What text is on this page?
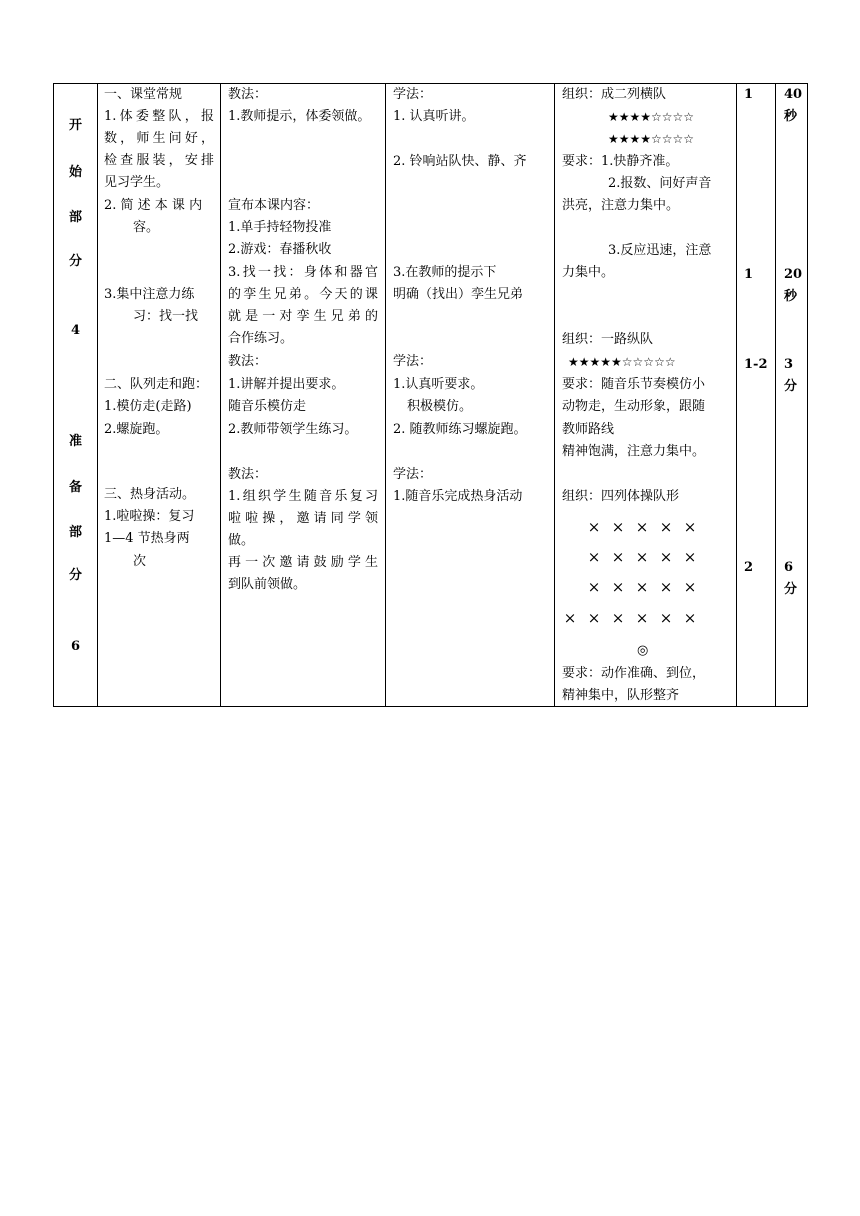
开
始
部
分
4
准
备
部
分
6
一、课堂常规
1.体委整队，报
数，师生问好，
检查服装，安排
见习学生。
2. 简 述 本 课 内
容。
3.集中注意力练
习：找一找
二、队列走和跑：
1.模仿走(走路)
2.螺旋跑。
三、热身活动。
1.啦啦操：复习
1—4 节热身两
次
教法：
1.教师提示，体委领做。
宣布本课内容：
1.单手持轻物投准
2.游戏：春播秋收
3.找一找：身体和器官
的孪生兄弟。今天的课
就是一对孪生兄弟的
合作练习。
教法：
1.讲解并提出要求。
随音乐模仿走
2.教师带领学生练习。
教法：
1.组织学生随音乐复习
啦啦操，邀请同学领
做。
再一次邀请鼓励学生
到队前领做。
学法：
1. 认真听讲。
2. 铃响站队快、静、齐
3.在教师的提示下
明确（找出）孪生兄弟
学法：
1.认真听要求。
积极模仿。
2. 随教师练习螺旋跑。
学法：
1.随音乐完成热身活动
组织：成二列横队
★★★★☆☆☆☆
★★★★☆☆☆☆
要求：1.快静齐准。
2.报数、问好声音
洪亮，注意力集中。
3.反应迅速，注意
力集中。
组织：一路纵队
★★★★★☆☆☆☆☆
要求：随音乐节奏模仿小
动物走，生动形象，跟随
教师路线
精神饱满，注意力集中。
组织：四列体操队形
× × × × ×
× × × × ×
× × × × ×
× × × × × ×
◎
要求：动作准确、到位，
精神集中，队形整齐
1
1
1-2
2
40
秒
20
秒
3
分
6
分
